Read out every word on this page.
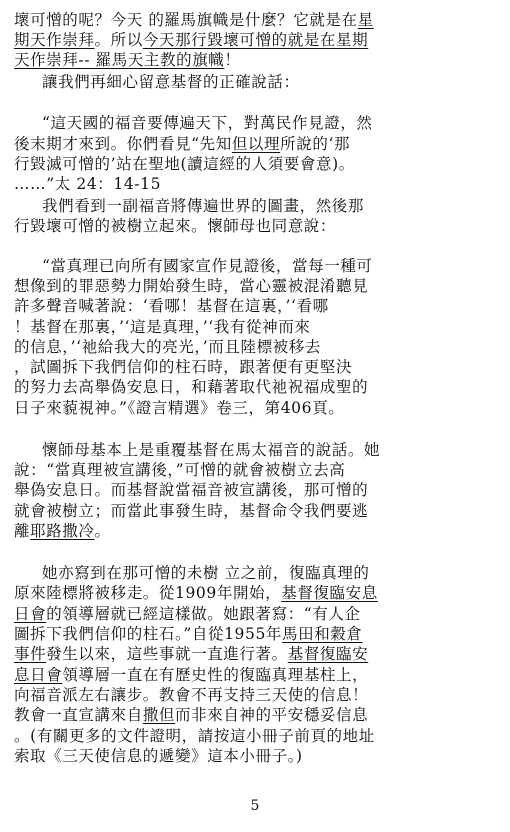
壞可憎的呢？今天 的羅馬旗幟是什麼？它就是在星
期天作崇拜。所以今天那行毀壞可憎的就是在星期
天作崇拜-- 羅馬天主教的旗幟！
讓我們再細心留意基督的正確說話：
“這天國的福音要傳遍天下，對萬民作見證，然
後末期才來到。你們看見“先知但以理所說的‘那
行毀滅可憎的’站在聖地(讀這經的人須要會意)。
……”太 24：14-15
我們看到一副福音將傳遍世界的圖畫，然後那
行毀壞可憎的被樹立起來。懷師母也同意說：
“當真理已向所有國家宣作見證後，當每一種可
想像到的罪惡勢力開始發生時，當心靈被混淆聽見
許多聲音喊著說：‘看哪！基督在這裏，’‘看哪
！基督在那裏，’‘這是真理，’‘我有從神而來
的信息，’‘祂給我大的亮光，’而且陸標被移去
，試圖拆下我們信仰的柱石時，跟著便有更堅決
的努力去高舉偽安息日，和藉著取代祂祝福成聖的
日子來藐視神。”《證言精選》卷三，第406頁。
懷師母基本上是重覆基督在馬太福音的說話。她
說：“當真理被宣講後，”可憎的就會被樹立去高
舉偽安息日。而基督說當福音被宣講後，那可憎的
就會被樹立；而當此事發生時，基督命令我們要逃
離耶路撒冷。
她亦寫到在那可憎的未樹 立之前，復臨真理的
原來陸標將被移走。從1909年開始，基督復臨安息
日會的領導層就已經這樣做。她跟著寫：“有人企
圖拆下我們信仰的柱石。”自從1955年馬田和穀倉
事件發生以來，這些事就一直進行著。基督復臨安
息日會領導層一直在有歷史性的復臨真理基柱上，
向福音派左右讓步。教會不再支持三天使的信息！
教會一直宣講來自撒但而非來自神的平安穩妥信息
。(有關更多的文件證明，請按這小冊子前頁的地址
索取《三天使信息的遞變》這本小冊子。)
5
